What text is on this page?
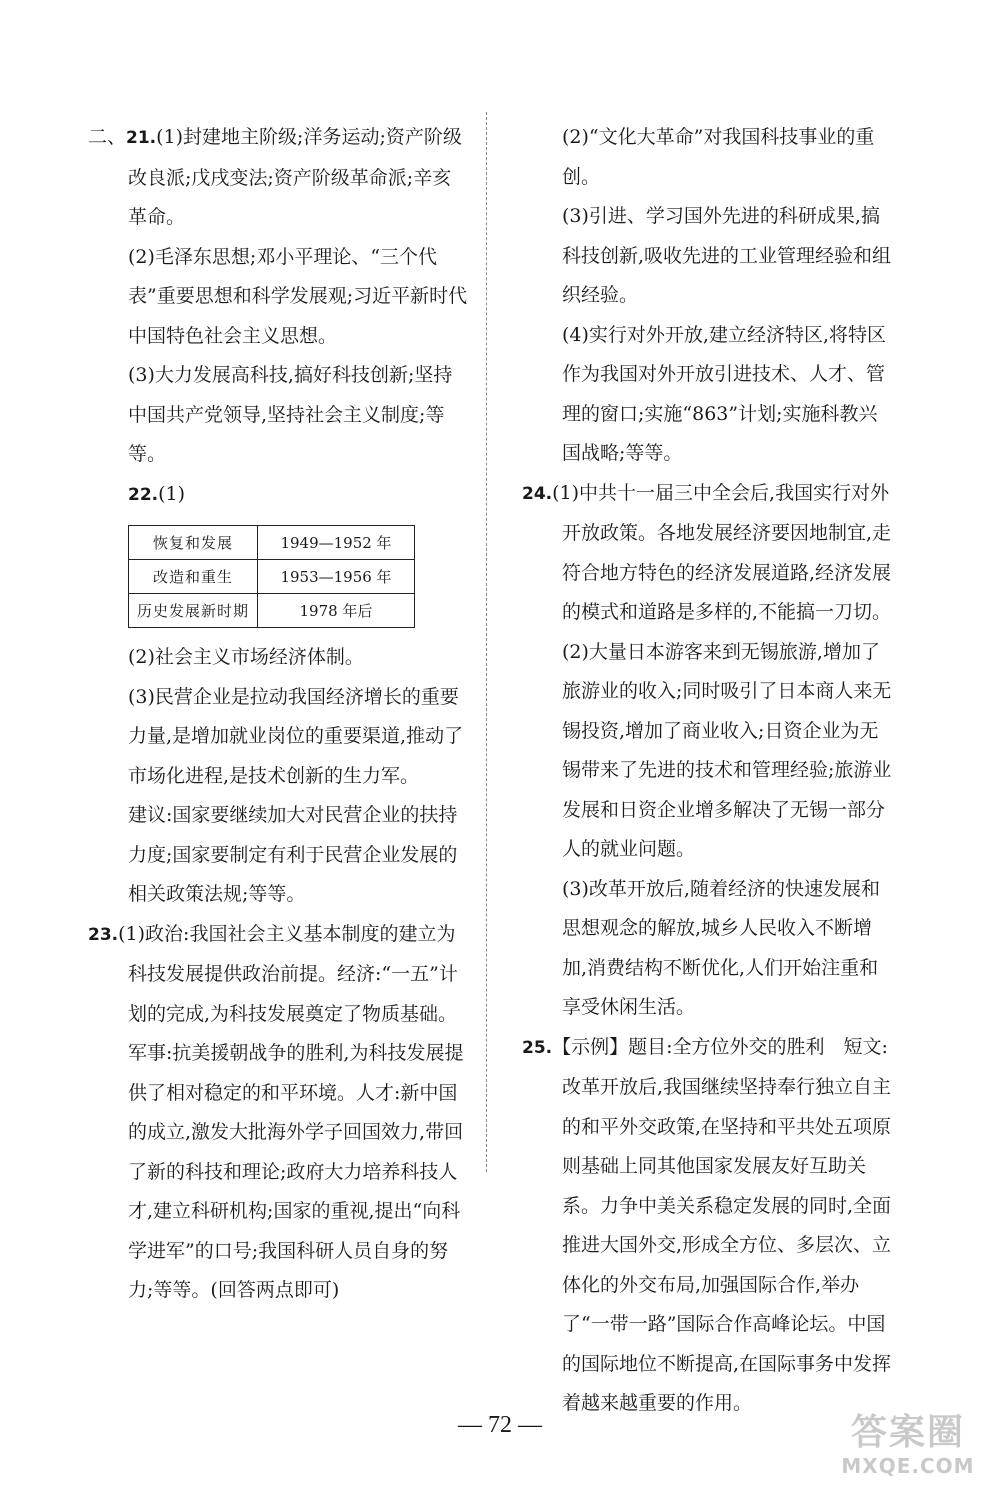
二、21.(1)封建地主阶级;洋务运动;资产阶级改良派;戊戌变法;资产阶级革命派;辛亥革命。

(2)毛泽东思想;邓小平理论、“三个代表”重要思想和科学发展观;习近平新时代中国特色社会主义思想。

(3)大力发展高科技,搞好科技创新;坚持中国共产党领导,坚持社会主义制度;等等。

22.(1)

恢复和发展	1949—1952 年
改造和重生	1953—1956 年
历史发展新时期	1978 年后

(2)社会主义市场经济体制。

(3)民营企业是拉动我国经济增长的重要力量,是增加就业岗位的重要渠道,推动了市场化进程,是技术创新的生力军。

建议:国家要继续加大对民营企业的扶持力度;国家要制定有利于民营企业发展的相关政策法规;等等。

23.(1)政治:我国社会主义基本制度的建立为科技发展提供政治前提。经济:“一五”计划的完成,为科技发展奠定了物质基础。军事:抗美援朝战争的胜利,为科技发展提供了相对稳定的和平环境。人才:新中国的成立,激发大批海外学子回国效力,带回了新的科技和理论;政府大力培养科技人才,建立科研机构;国家的重视,提出“向科学进军”的口号;我国科研人员自身的努力;等等。(回答两点即可)

(2)“文化大革命”对我国科技事业的重创。

(3)引进、学习国外先进的科研成果,搞科技创新,吸收先进的工业管理经验和组织经验。

(4)实行对外开放,建立经济特区,将特区作为我国对外开放引进技术、人才、管理的窗口;实施“863”计划;实施科教兴国战略;等等。

24.(1)中共十一届三中全会后,我国实行对外开放政策。各地发展经济要因地制宜,走符合地方特色的经济发展道路,经济发展的模式和道路是多样的,不能搞一刀切。

(2)大量日本游客来到无锡旅游,增加了旅游业的收入;同时吸引了日本商人来无锡投资,增加了商业收入;日资企业为无锡带来了先进的技术和管理经验;旅游业发展和日资企业增多解决了无锡一部分人的就业问题。

(3)改革开放后,随着经济的快速发展和思想观念的解放,城乡人民收入不断增加,消费结构不断优化,人们开始注重和享受休闲生活。

25.【示例】题目:全方位外交的胜利　短文:改革开放后,我国继续坚持奉行独立自主的和平外交政策,在坚持和平共处五项原则基础上同其他国家发展友好互助关系。力争中美关系稳定发展的同时,全面推进大国外交,形成全方位、多层次、立体化的外交布局,加强国际合作,举办了“一带一路”国际合作高峰论坛。中国的国际地位不断提高,在国际事务中发挥着越来越重要的作用。

— 72 —	答案圈
MXQE.COM
